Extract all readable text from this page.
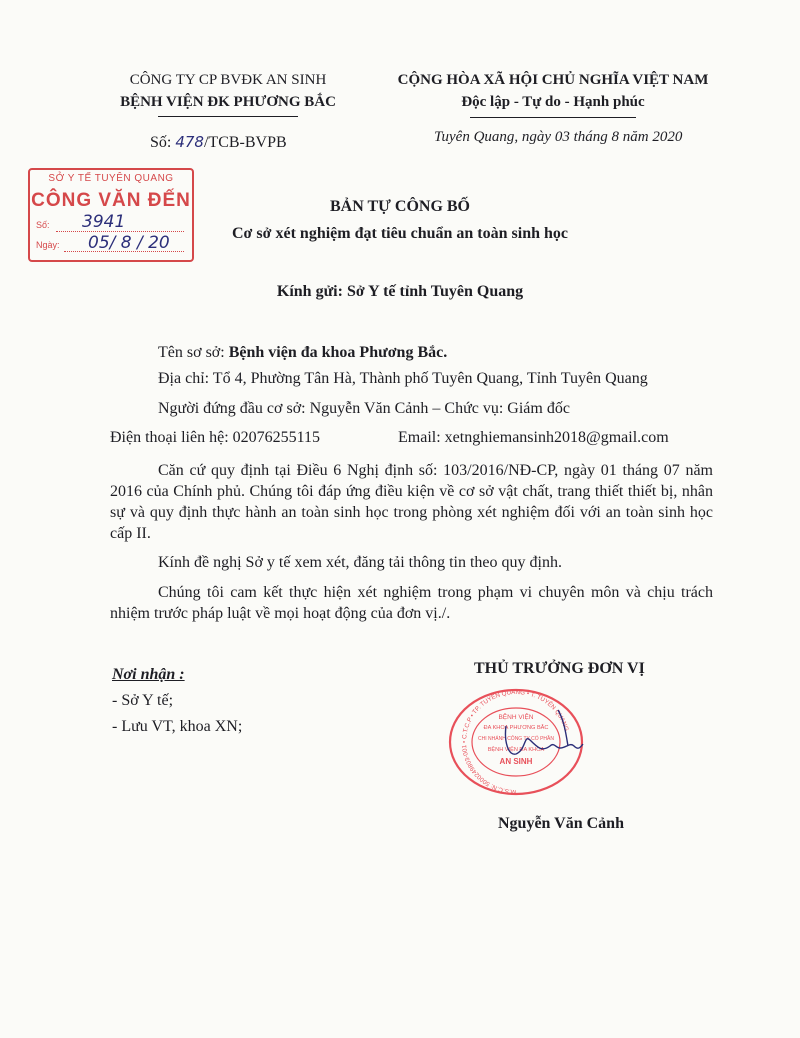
CÔNG TY CP BVĐK AN SINH
BỆNH VIỆN ĐK PHƯƠNG BẮC
Số: 478/TCB-BVPB
CỘNG HÒA XÃ HỘI CHỦ NGHĨA VIỆT NAM
Độc lập - Tự do - Hạnh phúc
Tuyên Quang, ngày 03 tháng 8 năm 2020
SỞ Y TẾ TUYÊN QUANG
CÔNG VĂN ĐẾN
Số: 3941
Ngày: 05/ 8 / 20
BẢN TỰ CÔNG BỐ
Cơ sở xét nghiệm đạt tiêu chuẩn an toàn sinh học
Kính gửi: Sở Y tế tỉnh Tuyên Quang
Tên sơ sở: Bệnh viện đa khoa Phương Bắc.
Địa chỉ: Tổ 4, Phường Tân Hà, Thành phố Tuyên Quang, Tỉnh Tuyên Quang
Người đứng đầu cơ sở: Nguyễn Văn Cảnh – Chức vụ: Giám đốc
Điện thoại liên hệ: 02076255115	Email: xetnghiemansinh2018@gmail.com
Căn cứ quy định tại Điều 6 Nghị định số: 103/2016/NĐ-CP, ngày 01 tháng 07 năm 2016 của Chính phủ. Chúng tôi đáp ứng điều kiện về cơ sở vật chất, trang thiết thiết bị, nhân sự và quy định thực hành an toàn sinh học trong phòng xét nghiệm đối với an toàn sinh học cấp II.
Kính đề nghị Sở y tế xem xét, đăng tải thông tin theo quy định.
Chúng tôi cam kết thực hiện xét nghiệm trong phạm vi chuyên môn và chịu trách nhiệm trước pháp luật về mọi hoạt động của đơn vị./.
Nơi nhận :
- Sở Y tế;
- Lưu VT, khoa XN;
THỦ TRƯỞNG ĐƠN VỊ
M.S.C.N: 5000249803-001 • C.T.C.P • TP. TUYÊN QUANG • T. TUYÊN QUANG
BỆNH VIỆN
ĐA KHOA PHƯƠNG BẮC
CHI NHÁNH CÔNG TY CỔ PHẦN
BỆNH VIỆN ĐA KHOA
AN SINH
Nguyễn Văn Cảnh
